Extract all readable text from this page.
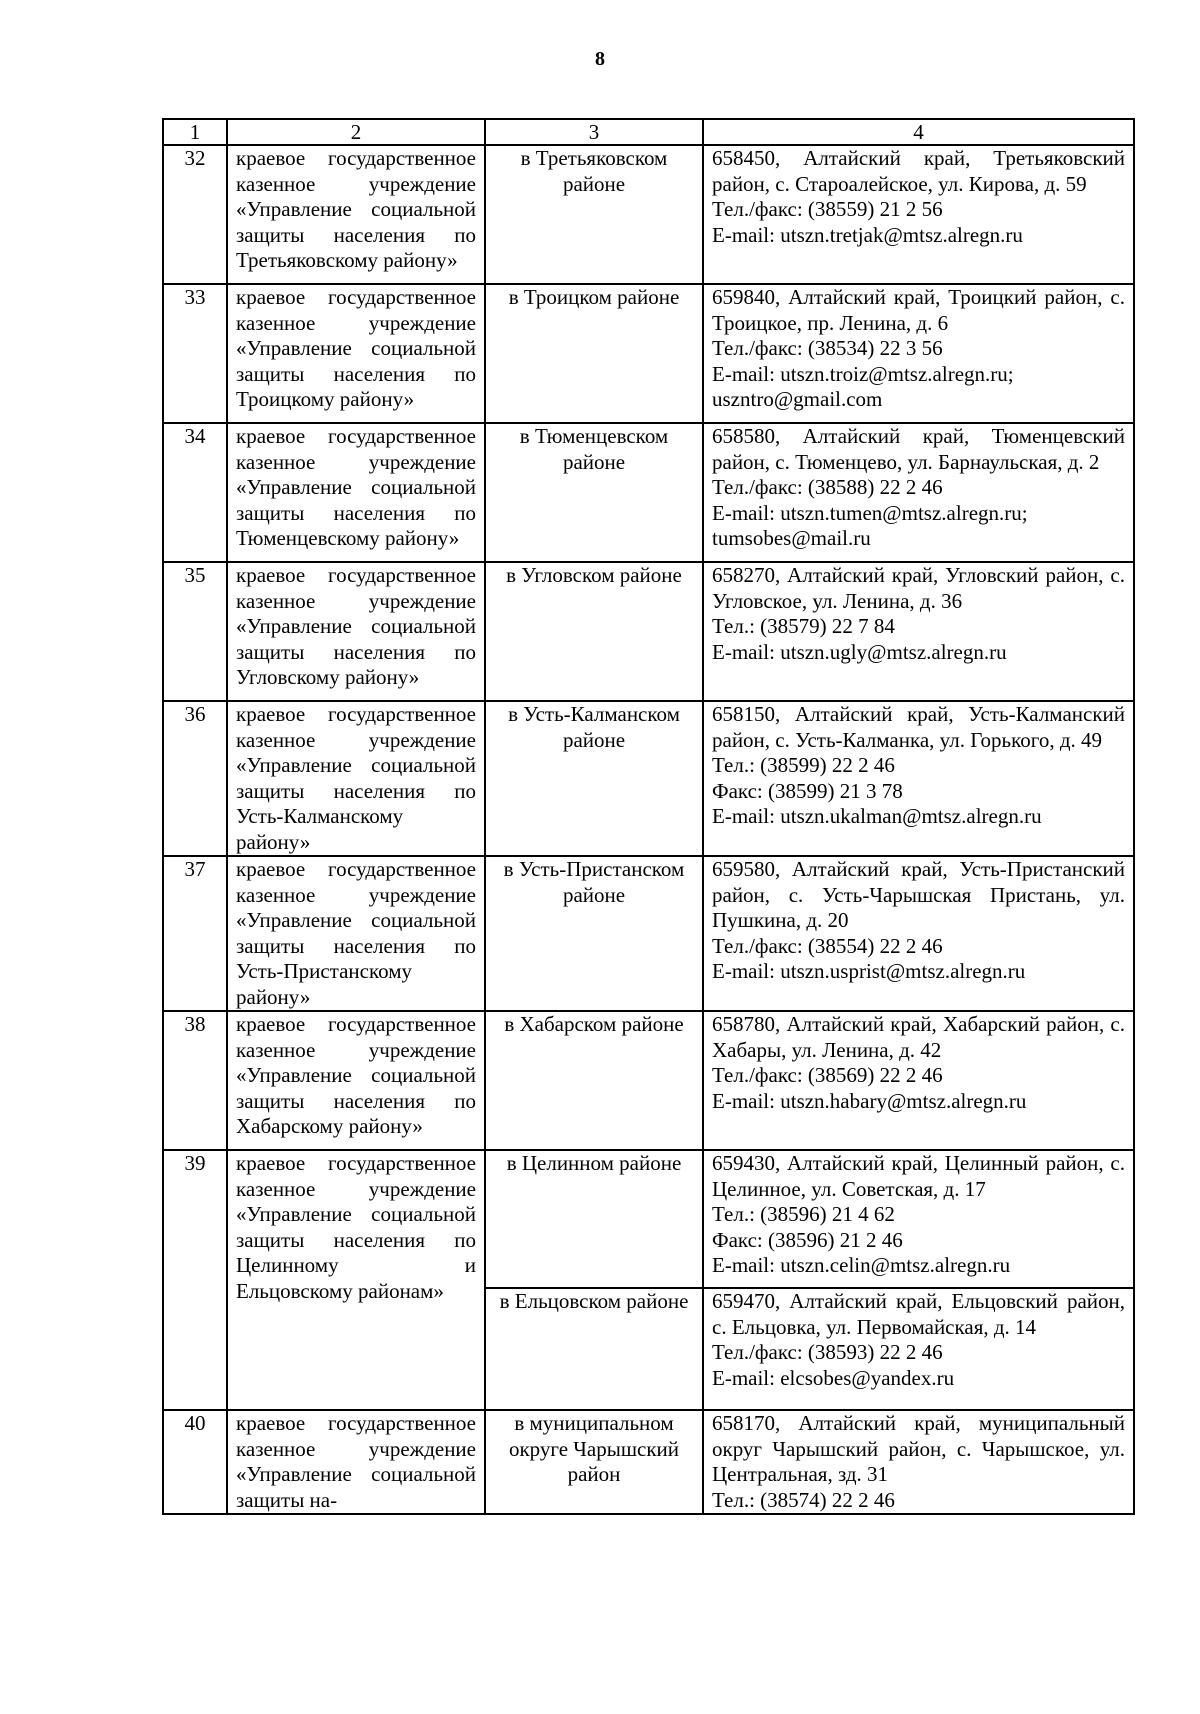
8
1	2	3	4
32	краевое государственное казенное учреждение «Управление социальной защиты населения по Третьяковскому району»	в Третьяковском районе	658450, Алтайский край, Третьяковский район, с. Староалейское, ул. Кирова, д. 59
Тел./факс: (38559) 21 2 56
E-mail: utszn.tretjak@mtsz.alregn.ru

33	краевое государственное казенное учреждение «Управление социальной защиты населения по Троицкому району»	в Троицком районе	659840, Алтайский край, Троицкий район, с. Троицкое, пр. Ленина, д. 6
Тел./факс: (38534) 22 3 56
E-mail: utszn.troiz@mtsz.alregn.ru;
uszntro@gmail.com

34	краевое государственное казенное учреждение «Управление социальной защиты населения по Тюменцевскому району»	в Тюменцевском районе	658580, Алтайский край, Тюменцевский район, с. Тюменцево, ул. Барнаульская, д. 2
Тел./факс: (38588) 22 2 46
E-mail: utszn.tumen@mtsz.alregn.ru;
tumsobes@mail.ru

35	краевое государственное казенное учреждение «Управление социальной защиты населения по Угловскому району»	в Угловском районе	658270, Алтайский край, Угловский район, с. Угловское, ул. Ленина, д. 36
Тел.: (38579) 22 7 84
E-mail: utszn.ugly@mtsz.alregn.ru

36	краевое государственное казенное учреждение «Управление социальной защиты населения по Усть-Калманскому району»	в Усть-Калманском районе	658150, Алтайский край, Усть-Калманский район, с. Усть-Калманка, ул. Горького, д. 49
Тел.: (38599) 22 2 46
Факс: (38599) 21 3 78
E-mail: utszn.ukalman@mtsz.alregn.ru

37	краевое государственное казенное учреждение «Управление социальной защиты населения по Усть-Пристанскому району»	в Усть-Пристанском районе	659580, Алтайский край, Усть-Пристанский район, с. Усть-Чарышская Пристань, ул. Пушкина, д. 20
Тел./факс: (38554) 22 2 46
E-mail: utszn.usprist@mtsz.alregn.ru

38	краевое государственное казенное учреждение «Управление социальной защиты населения по Хабарскому району»	в Хабарском районе	658780, Алтайский край, Хабарский район, с. Хабары, ул. Ленина, д. 42
Тел./факс: (38569) 22 2 46
E-mail: utszn.habary@mtsz.alregn.ru

39	краевое государственное казенное учреждение «Управление социальной защиты населения по Целинному и Ельцовскому районам»	в Целинном районе	659430, Алтайский край, Целинный район, с. Целинное, ул. Советская, д. 17
Тел.: (38596) 21 4 62
Факс: (38596) 21 2 46
E-mail: utszn.celin@mtsz.alregn.ru

		в Ельцовском районе	659470, Алтайский край, Ельцовский район, с. Ельцовка, ул. Первомайская, д. 14
Тел./факс: (38593) 22 2 46
E-mail: elcsobes@yandex.ru

40	краевое государственное казенное учреждение «Управление социальной защиты на-	в муниципальном округе Чарышский район	658170, Алтайский край, муниципальный округ Чарышский район, с. Чарышское, ул. Центральная, зд. 31
Тел.: (38574) 22 2 46
